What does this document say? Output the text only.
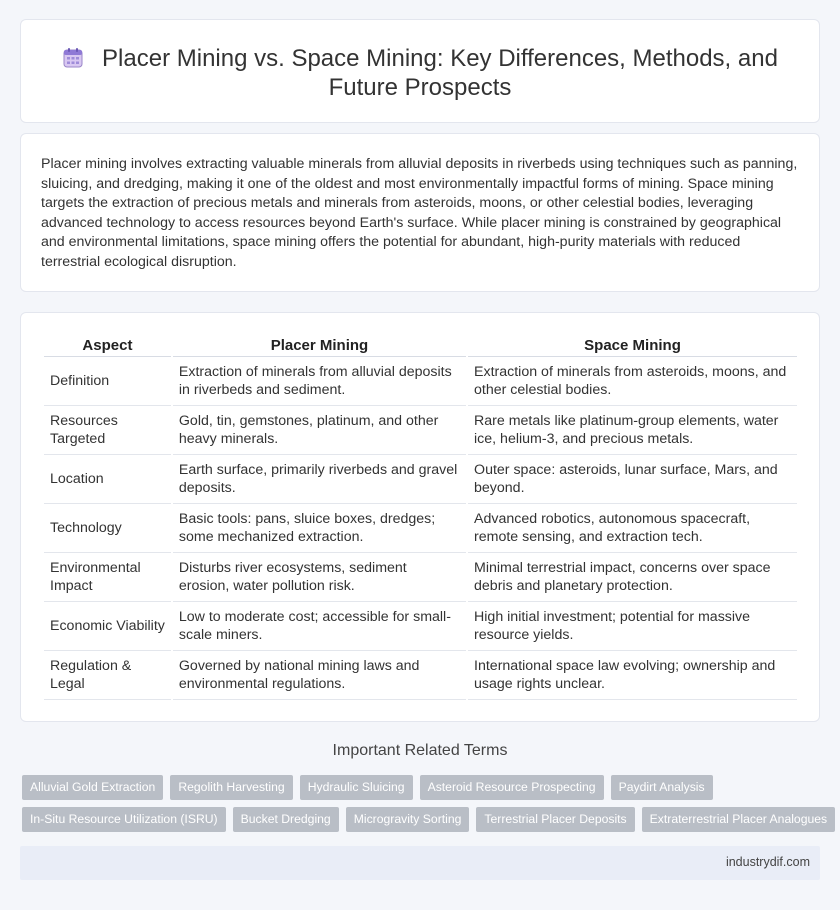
Placer Mining vs. Space Mining: Key Differences, Methods, and Future Prospects

Placer mining involves extracting valuable minerals from alluvial deposits in riverbeds using techniques such as panning, sluicing, and dredging, making it one of the oldest and most environmentally impactful forms of mining. Space mining targets the extraction of precious metals and minerals from asteroids, moons, or other celestial bodies, leveraging advanced technology to access resources beyond Earth's surface. While placer mining is constrained by geographical and environmental limitations, space mining offers the potential for abundant, high-purity materials with reduced terrestrial ecological disruption.

Aspect	Placer Mining	Space Mining
Definition	Extraction of minerals from alluvial deposits in riverbeds and sediment.	Extraction of minerals from asteroids, moons, and other celestial bodies.
Resources Targeted	Gold, tin, gemstones, platinum, and other heavy minerals.	Rare metals like platinum-group elements, water ice, helium-3, and precious metals.
Location	Earth surface, primarily riverbeds and gravel deposits.	Outer space: asteroids, lunar surface, Mars, and beyond.
Technology	Basic tools: pans, sluice boxes, dredges; some mechanized extraction.	Advanced robotics, autonomous spacecraft, remote sensing, and extraction tech.
Environmental Impact	Disturbs river ecosystems, sediment erosion, water pollution risk.	Minimal terrestrial impact, concerns over space debris and planetary protection.
Economic Viability	Low to moderate cost; accessible for small-scale miners.	High initial investment; potential for massive resource yields.
Regulation & Legal	Governed by national mining laws and environmental regulations.	International space law evolving; ownership and usage rights unclear.
Important Related Terms
Alluvial Gold Extraction	Regolith Harvesting	Hydraulic Sluicing	Asteroid Resource Prospecting	Paydirt Analysis
In-Situ Resource Utilization (ISRU)	Bucket Dredging	Microgravity Sorting	Terrestrial Placer Deposits	Extraterrestrial Placer Analogues
industrydif.com
